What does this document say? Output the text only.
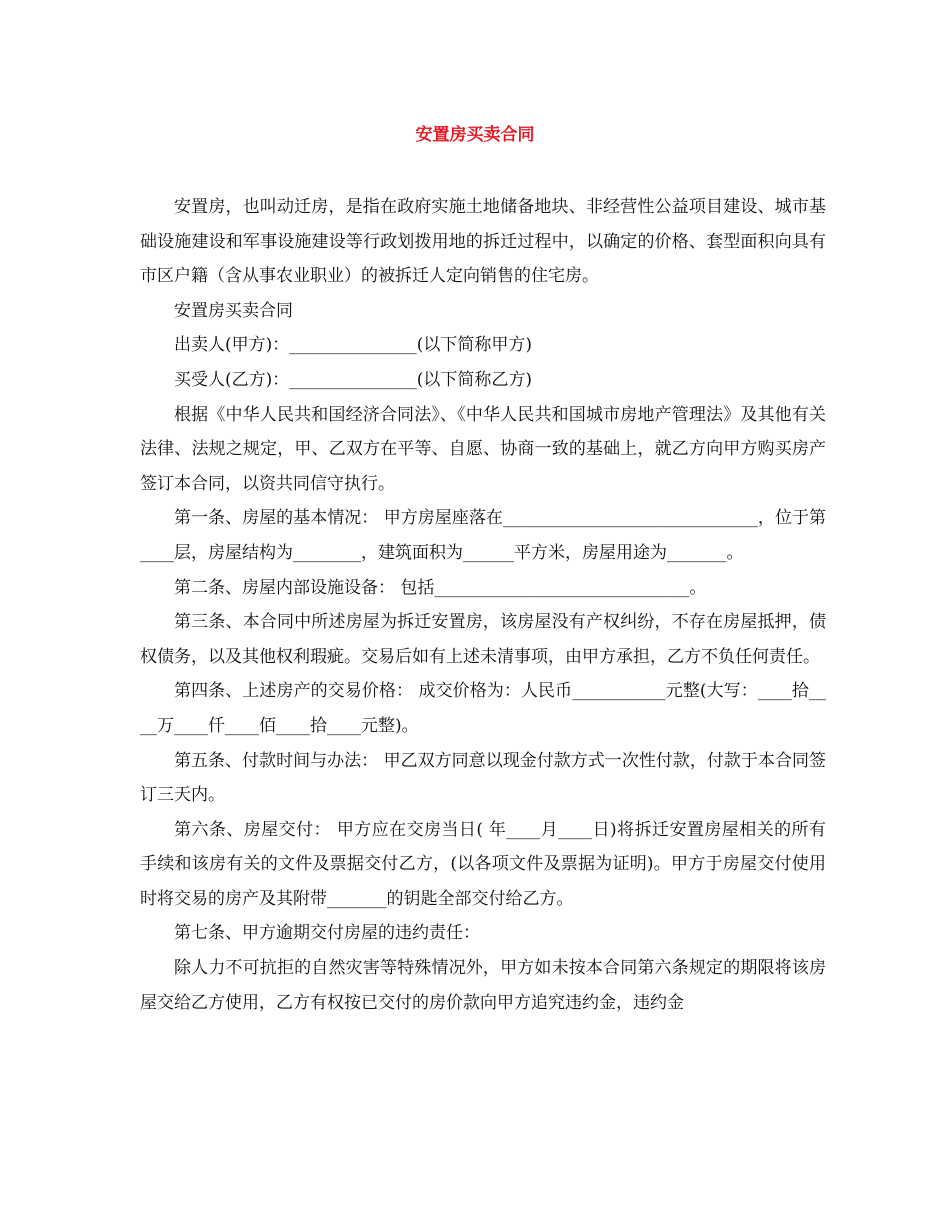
安置房买卖合同

安置房，也叫动迁房，是指在政府实施土地储备地块、非经营性公益项目建设、城市基础设施建设和军事设施建设等行政划拨用地的拆迁过程中，以确定的价格、套型面积向具有市区户籍（含从事农业职业）的被拆迁人定向销售的住宅房。

安置房买卖合同

出卖人(甲方)：_______________(以下简称甲方)

买受人(乙方)：_______________(以下简称乙方)

根据《中华人民共和国经济合同法》、《中华人民共和国城市房地产管理法》及其他有关法律、法规之规定，甲、乙双方在平等、自愿、协商一致的基础上，就乙方向甲方购买房产签订本合同，以资共同信守执行。

第一条、房屋的基本情况： 甲方房屋座落在______________________________，位于第____层，房屋结构为________，建筑面积为______平方米，房屋用途为_______。

第二条、房屋内部设施设备： 包括______________________________。

第三条、本合同中所述房屋为拆迁安置房，该房屋没有产权纠纷，不存在房屋抵押，债权债务，以及其他权利瑕疵。交易后如有上述未清事项，由甲方承担，乙方不负任何责任。

第四条、上述房产的交易价格： 成交价格为：人民币___________元整(大写：____拾____万____仟____佰____拾____元整)。

第五条、付款时间与办法： 甲乙双方同意以现金付款方式一次性付款，付款于本合同签订三天内。

第六条、房屋交付： 甲方应在交房当日( 年____月____日)将拆迁安置房屋相关的所有手续和该房有关的文件及票据交付乙方，(以各项文件及票据为证明)。甲方于房屋交付使用时将交易的房产及其附带_______的钥匙全部交付给乙方。

第七条、甲方逾期交付房屋的违约责任：

除人力不可抗拒的自然灾害等特殊情况外，甲方如未按本合同第六条规定的期限将该房屋交给乙方使用，乙方有权按已交付的房价款向甲方追究违约金，违约金
